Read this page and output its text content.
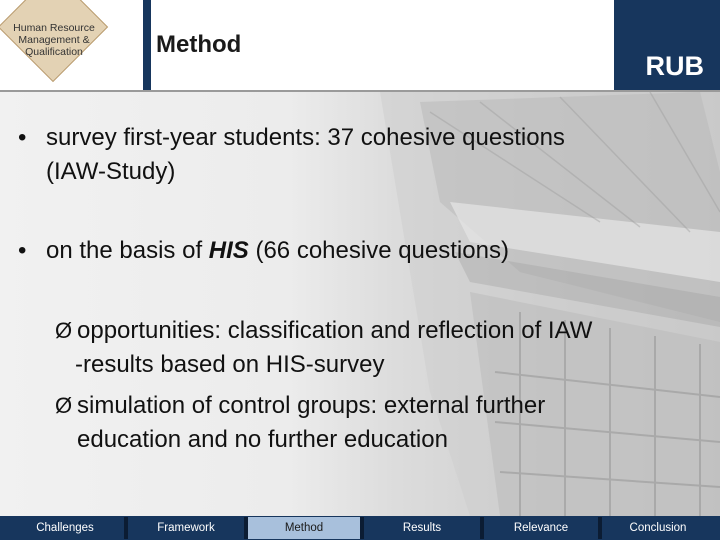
Human Resource
Management &
Qualification	Method
RUB
• survey first-year students: 37 cohesive questions
(IAW-Study)
• on the basis of HIS (66 cohesive questions)
Ø opportunities: classification and reflection of IAW
-results based on HIS-survey
Ø simulation of control groups: external further
education and no further education
Challenges	Framework	Method	Results	Relevance	Conclusion
